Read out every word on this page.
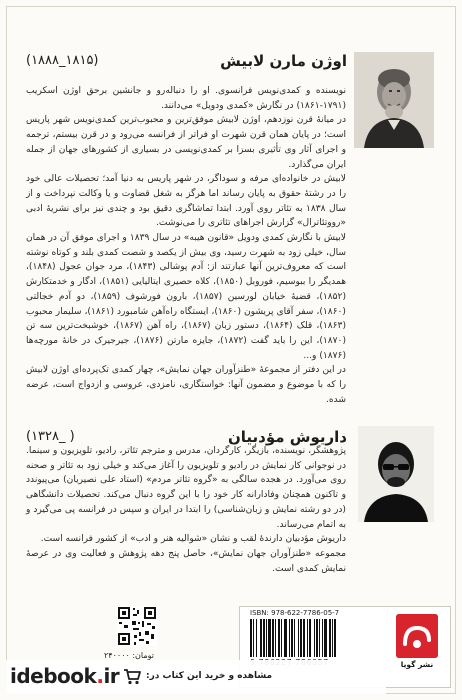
اوژن مارن لابیش
(۱۸۸۸_۱۸۱۵)

نویسنده و کمدی‌نویس فرانسوی. او را دنباله‌رو و جانشین برحق اوژن اسکریب (۱۷۹۱-۱۸۶۱) در نگارش «کمدی ودویل» می‌دانند.

در میانهٔ قرن نوزدهم، اوژن لابیش موفق‌ترین و محبوب‌ترین کمدی‌نویس شهر پاریس است؛ در پایان همان قرن شهرت او فراتر از فرانسه می‌رود و در قرن بیستم، ترجمه و اجرای آثار وی تأثیری بسزا بر کمدی‌نویسی در بسیاری از کشورهای جهان از جمله ایران می‌گذارد.

لابیش در خانواده‌ای مرفه و سوداگر، در شهر پاریس به دنیا آمد؛ تحصیلات عالی خود را در رشتهٔ حقوق به پایان رساند اما هرگز به شغل قضاوت و یا وکالت نپرداخت و از سال ۱۸۳۸ به تئاتر روی آورد. ابتدا تماشاگری دقیق بود و چندی نیز برای نشریهٔ ادبی «رووتئاترال» گزارش اجراهای تئاتری را می‌نوشت.

لابیش با نگارش کمدی ودویل «قانون هیبه» در سال ۱۸۳۹ و اجرای موفق آن در همان سال، خیلی زود به شهرت رسید، وی بیش از یکصد و شصت کمدی بلند و کوتاه نوشته است که معروف‌ترین آنها عبارتند از: آدم پوشالی (۱۸۴۳)، مرد جوان عجول (۱۸۴۸)، همدیگر را ببوسیم، فوروبل (۱۸۵۰)، کلاه حصیری ایتالیایی (۱۸۵۱)، ادگار و خدمتکارش (۱۸۵۲)، قضیهٔ خیابان لورسین (۱۸۵۷)، بارون فورشوف (۱۸۵۹)، دو آدم خجالتی (۱۸۶۰)، سفر آقای پریشون (۱۸۶۰)، ایستگاه راه‌آهن شامبورد (۱۸۶۱)، سلیمار محبوب (۱۸۶۳)، قلک (۱۸۶۴)، دستور زبان (۱۸۶۷)، راه آهن (۱۸۶۷)، خوشبخت‌ترین سه تن (۱۸۷۰)، این را باید گفت (۱۸۷۲)، جایزه مارتن (۱۸۷۶)، جیرجیرک در خانهٔ مورچه‌ها (۱۸۷۶) و...

در این دفتر از مجموعهٔ «طنزآوران جهان نمایش»، چهار کمدی تک‌پرده‌ای اوژن لابیش را که با موضوع و مضمون آنها: خواستگاری، نامزدی، عروسی و ازدواج است، عرضه شده.

داریوش مؤدبیان
(۱۳۲۸_ )

پژوهشگر، نویسنده، بازیگر، کارگردان، مدرس و مترجم تئاتر، رادیو، تلویزیون و سینما. در نوجوانی کار نمایش در رادیو و تلویزیون را آغاز می‌کند و خیلی زود به تئاتر و صحنه روی می‌آورد. در هجده سالگی به «گروه تئاتر مردم» (استاد علی نصیریان) می‌پیوندد و تاکنون همچنان وفادارانه کار خود را با این گروه دنبال می‌کند. تحصیلات دانشگاهی (در دو رشته نمایش و زبان‌شناسی) را ابتدا در ایران و سپس در فرانسه پی می‌گیرد و به اتمام می‌رساند.

داریوش مؤدبیان دارندهٔ لقب و نشان «شوالیه هنر و ادب» از کشور فرانسه است.

مجموعه «طنزآوران جهان نمایش»، حاصل پنج دهه پژوهش و فعالیت وی در عرصهٔ نمایش کمدی است.

ISBN: 978-622-7786-05-7
نشر گویا
تومان: ۲۴۰۰۰۰
idebook.ir	مشاهده و خرید این کتاب در:
